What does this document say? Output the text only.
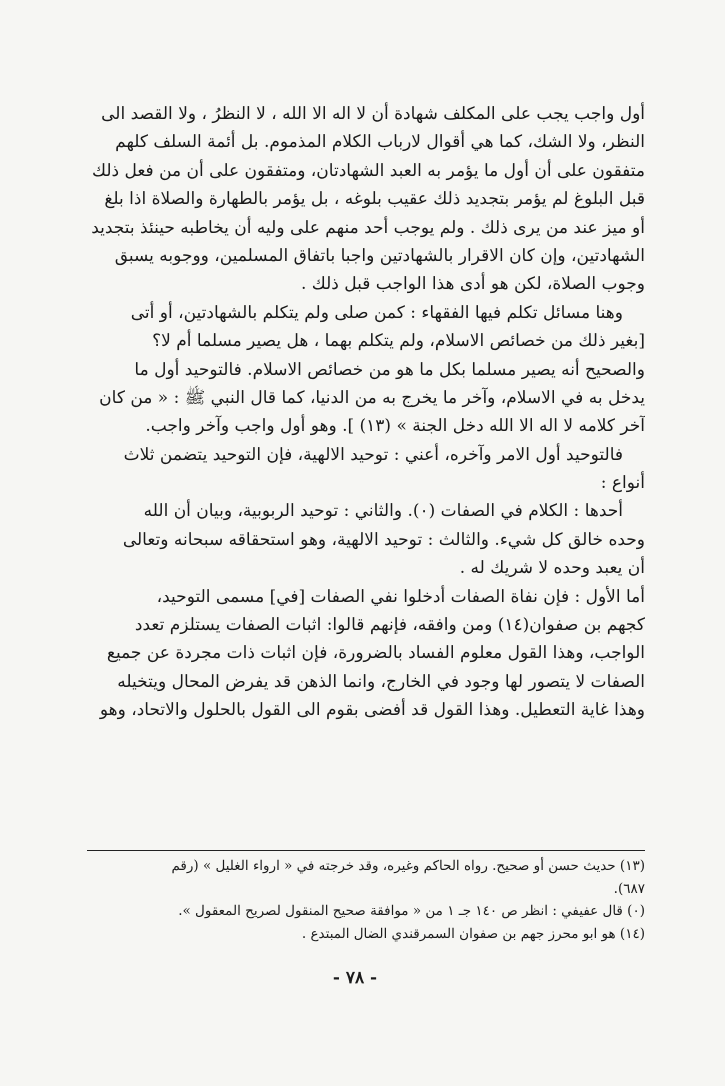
أول واجب يجب على المكلف شهادة أن لا اله الا الله ، لا النظرُ ، ولا القصد الى
النظر، ولا الشك، كما هي أقوال لارباب الكلام المذموم. بل أئمة السلف كلهم
متفقون على أن أول ما يؤمر به العبد الشهادتان، ومتفقون على أن من فعل ذلك
قبل البلوغ لم يؤمر بتجديد ذلك عقيب بلوغه ، بل يؤمر بالطهارة والصلاة اذا بلغ
أو ميز عند من يرى ذلك . ولم يوجب أحد منهم على وليه أن يخاطبه حينئذ بتجديد
الشهادتين، وإن كان الاقرار بالشهادتين واجبا باتفاق المسلمين، ووجوبه يسبق
وجوب الصلاة، لكن هو أدى هذا الواجب قبل ذلك .
وهنا مسائل تكلم فيها الفقهاء : كمن صلى ولم يتكلم بالشهادتين، أو أتى
[بغير ذلك من خصائص الاسلام، ولم يتكلم بهما ، هل يصير مسلما أم لا؟
والصحيح أنه يصير مسلما بكل ما هو من خصائص الاسلام. فالتوحيد أول ما
يدخل به في الاسلام، وآخر ما يخرج به من الدنيا، كما قال النبي ﷺ : « من كان
آخر كلامه لا اله الا الله دخل الجنة » (١٣) ]. وهو أول واجب وآخر واجب.
فالتوحيد أول الامر وآخره، أعني : توحيد الالهية، فإن التوحيد يتضمن ثلاث
أنواع :
أحدها : الكلام في الصفات (٠). والثاني : توحيد الربوبية، وبيان أن الله
وحده خالق كل شيء. والثالث : توحيد الالهية، وهو استحقاقه سبحانه وتعالى
أن يعبد وحده لا شريك له .
أما الأول : فإن نفاة الصفات أدخلوا نفي الصفات [في] مسمى التوحيد،
كجهم بن صفوان(١٤) ومن وافقه، فإنهم قالوا: اثبات الصفات يستلزم تعدد
الواجب، وهذا القول معلوم الفساد بالضرورة، فإن اثبات ذات مجردة عن جميع
الصفات لا يتصور لها وجود في الخارج، وانما الذهن قد يفرض المحال ويتخيله
وهذا غاية التعطيل. وهذا القول قد أفضى بقوم الى القول بالحلول والاتحاد، وهو
(١٣) حديث حسن أو صحيح. رواه الحاكم وغيره، وقد خرجته في « ارواء الغليل » (رقم
٦٨٧).
(٠) قال عفيفي : انظر ص ١٤٠ جـ ١ من « موافقة صحيح المنقول لصريح المعقول ».
(١٤) هو ابو محرز جهم بن صفوان السمرقندي الضال المبتدع .
- ٧٨ -
